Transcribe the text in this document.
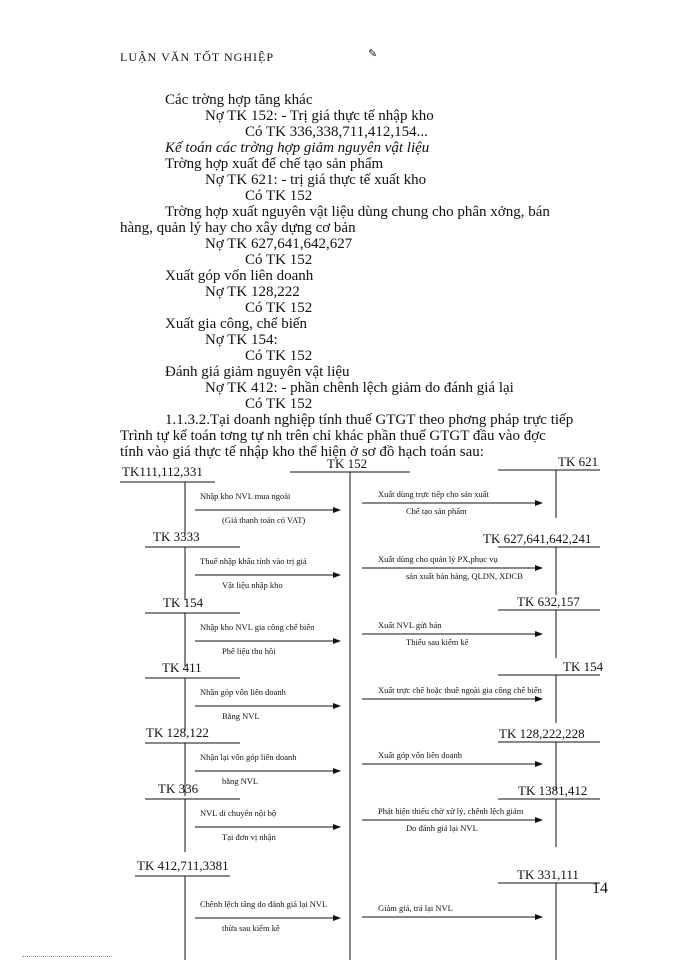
LUẬN VĂN TỐT NGHIỆP	✎
Các trờng hợp tăng khác
Nợ TK 152: - Trị giá thực tế nhập kho
Có TK 336,338,711,412,154...
Kế toán các trờng hợp giảm nguyên vật liệu
Trờng hợp xuất để chế tạo sản phẩm
Nợ TK 621: - trị giá thực tế xuất kho
Có TK 152
Trờng hợp xuất nguyên vật liệu dùng chung cho phân xởng, bán
hàng, quản lý hay cho xây dựng cơ bản
Nợ TK 627,641,642,627
Có TK 152
Xuất góp vốn liên doanh
Nợ TK 128,222
Có TK 152
Xuất gia công, chế biến
Nợ TK 154:
Có TK 152
Đánh giá giảm nguyên vật liệu
Nợ TK 412: - phần chênh lệch giảm do đánh giá lại
Có TK 152
1.1.3.2.Tại doanh nghiệp tính thuế GTGT theo phơng pháp trực tiếp
Trình tự kế toán tơng tự nh trên chỉ khác phần thuế GTGT đầu vào đợc
tính vào giá thực tế nhập kho thể hiện ở sơ đồ hạch toán sau:
TK 152
TK111,112,331
Nhập kho NVL mua ngoài
(Giá thanh toán có VAT)
TK 621
Xuất dùng trực tiếp cho sản xuất
Chế tạo sản phẩm
TK 3333
Thuế nhập khẩu tính vào trị giá
Vật liệu nhập kho
TK 627,641,642,241
Xuất dùng cho quản lý PX,phục vụ
sản xuất bán hàng, QLDN, XDCB
TK 154
Nhập kho NVL gia công chế biến
Phế liệu thu hồi
TK 632,157
Xuất NVL gửi bán
Thiếu sau kiểm kê
TK 411
Nhận góp vốn liên doanh
Bằng NVL
TK 154
Xuất trực chế hoặc thuê ngoài gia công chế biến
TK 128,122
Nhận lại vốn góp liên doanh
bằng NVL
TK 128,222,228
Xuất góp vốn liên doanh
TK 336
NVL di chuyển nội bộ
Tại đơn vị nhận
TK 1381,412
Phát hiện thiếu chờ xử lý, chênh lệch giảm
Do đánh giá lại NVL
TK 412,711,3381
Chênh lệch tăng do đánh giá lại NVL
thừa sau kiểm kê
TK 331,111
Giảm giá, trả lại NVL
14
